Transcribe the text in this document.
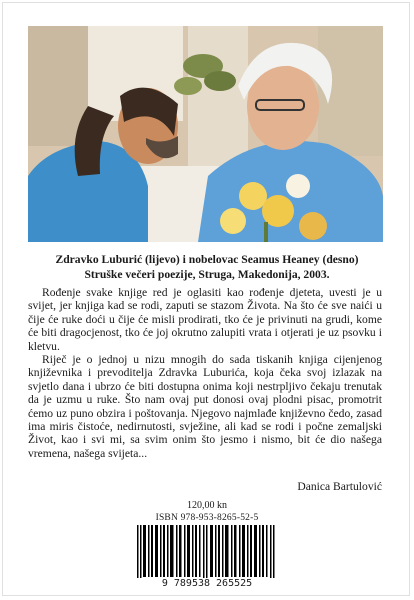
Zdravko Luburić (lijevo) i nobelovac Seamus Heaney (desno)
Struške večeri poezije, Struga, Makedonija, 2003.

Rođenje svake knjige red je oglasiti kao rođenje djeteta, uvesti je u svijet, jer knjiga kad se rodi, zaputi se stazom Života. Na što će sve naići u čije će ruke doći u čije će misli prodirati, tko će je privinuti na grudi, kome će biti dragocjenost, tko će joj okrutno zalupiti vrata i otjerati je uz psovku i kletvu.

Riječ je o jednoj u nizu mnogih do sada tiskanih knjiga cijenjenog književnika i prevoditelja Zdravka Luburića, koja čeka svoj izlazak na svjetlo dana i ubrzo će biti dostupna onima koji nestrpljivo čekaju trenutak da je uzmu u ruke. Što nam ovaj put donosi ovaj plodni pisac, promotrit ćemo uz puno obzira i poštovanja. Njegovo najmlađe književno čedo, zasad ima miris čistoće, nedirnutosti, svježine, ali kad se rodi i počne zemaljski Život, kao i svi mi, sa svim onim što jesmo i nismo, bit će dio našega vremena, našega svijeta...

Danica Bartulović
120,00 kn
ISBN 978-953-8265-52-5
9 789538 265525
